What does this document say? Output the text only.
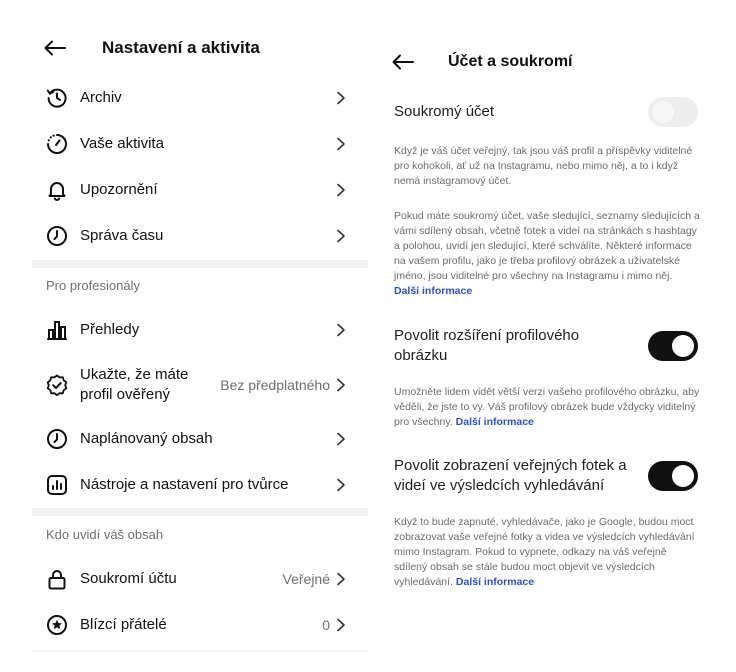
Nastavení a aktivita
Archiv
Vaše aktivita
Upozornění
Správa času
Pro profesionály
Přehledy
Ukažte, že máte profil ověřený
Bez předplatného
Naplánovaný obsah
Nástroje a nastavení pro tvůrce
Kdo uvidí váš obsah
Soukromí účtu	Veřejné
Blízcí přátelé	0
Účet a soukromí
Soukromý účet
Když je váš účet veřejný, tak jsou váš profil a příspěvky viditelné pro kohokoli, ať už na Instagramu, nebo mimo něj, a to i když nemá instagramový účet.
Pokud máte soukromý účet, vaše sledující, seznamy sledujících a vámi sdílený obsah, včetně fotek a videí na stránkách s hashtagy a polohou, uvidí jen sledující, které schválíte. Některé informace na vašem profilu, jako je třeba profilový obrázek a uživatelské jméno, jsou viditelné pro všechny na Instagramu i mimo něj. Další informace
Povolit rozšíření profilového obrázku
Umožněte lidem vidět větší verzi vašeho profilového obrázku, aby věděli, že jste to vy. Váš profilový obrázek bude vždycky viditelný pro všechny. Další informace
Povolit zobrazení veřejných fotek a videí ve výsledcích vyhledávání
Když to bude zapnuté, vyhledávače, jako je Google, budou moct zobrazovat vaše veřejné fotky a videa ve výsledcích vyhledávání mimo Instagram. Pokud to vypnete, odkazy na váš veřejně sdílený obsah se stále budou moct objevit ve výsledcích vyhledávání. Další informace
